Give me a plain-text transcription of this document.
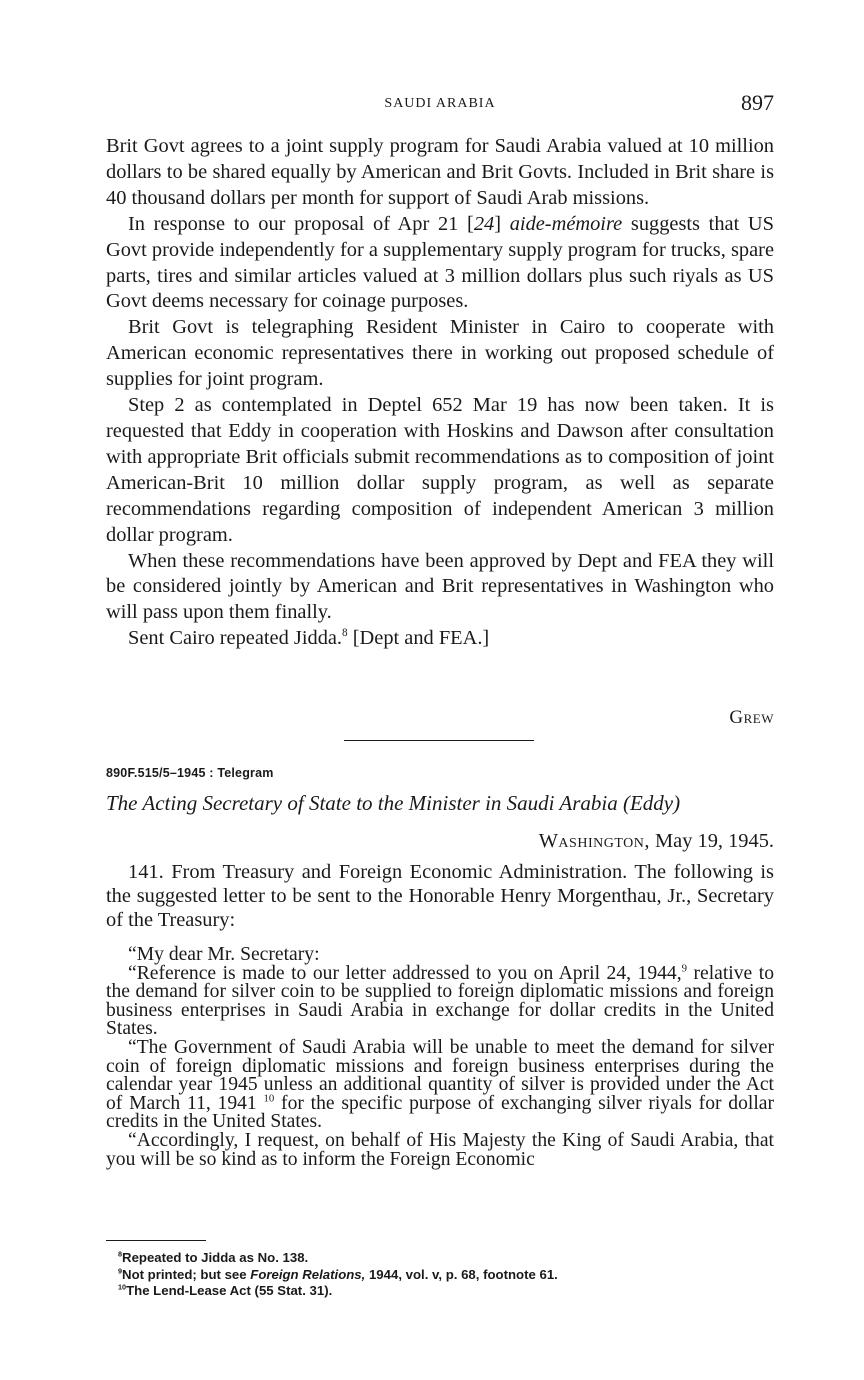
SAUDI ARABIA	897

Brit Govt agrees to a joint supply program for Saudi Arabia valued at 10 million dollars to be shared equally by American and Brit Govts. Included in Brit share is 40 thousand dollars per month for support of Saudi Arab missions.

In response to our proposal of Apr 21 [24] aide-mémoire suggests that US Govt provide independently for a supplementary supply program for trucks, spare parts, tires and similar articles valued at 3 million dollars plus such riyals as US Govt deems necessary for coinage purposes.

Brit Govt is telegraphing Resident Minister in Cairo to cooperate with American economic representatives there in working out proposed schedule of supplies for joint program.

Step 2 as contemplated in Deptel 652 Mar 19 has now been taken. It is requested that Eddy in cooperation with Hoskins and Dawson after consultation with appropriate Brit officials submit recommendations as to composition of joint American-Brit 10 million dollar supply program, as well as separate recommendations regarding composition of independent American 3 million dollar program.

When these recommendations have been approved by Dept and FEA they will be considered jointly by American and Brit representatives in Washington who will pass upon them finally.

Sent Cairo repeated Jidda.$^8$ [Dept and FEA.]

Grew
890F.515/5–1945 : Telegram
The Acting Secretary of State to the Minister in Saudi Arabia (Eddy)
Washington, May 19, 1945.

141. From Treasury and Foreign Economic Administration. The following is the suggested letter to be sent to the Honorable Henry Morgenthau, Jr., Secretary of the Treasury:

“My dear Mr. Secretary:

“Reference is made to our letter addressed to you on April 24, 1944,$^9$ relative to the demand for silver coin to be supplied to foreign diplomatic missions and foreign business enterprises in Saudi Arabia in exchange for dollar credits in the United States.

“The Government of Saudi Arabia will be unable to meet the demand for silver coin of foreign diplomatic missions and foreign business enterprises during the calendar year 1945 unless an additional quantity of silver is provided under the Act of March 11, 1941 $^{10}$ for the specific purpose of exchanging silver riyals for dollar credits in the United States.

“Accordingly, I request, on behalf of His Majesty the King of Saudi Arabia, that you will be so kind as to inform the Foreign Economic

$^8$Repeated to Jidda as No. 138.
$^9$Not printed; but see Foreign Relations, 1944, vol. v, p. 68, footnote 61.
$^{10}$The Lend-Lease Act (55 Stat. 31).
